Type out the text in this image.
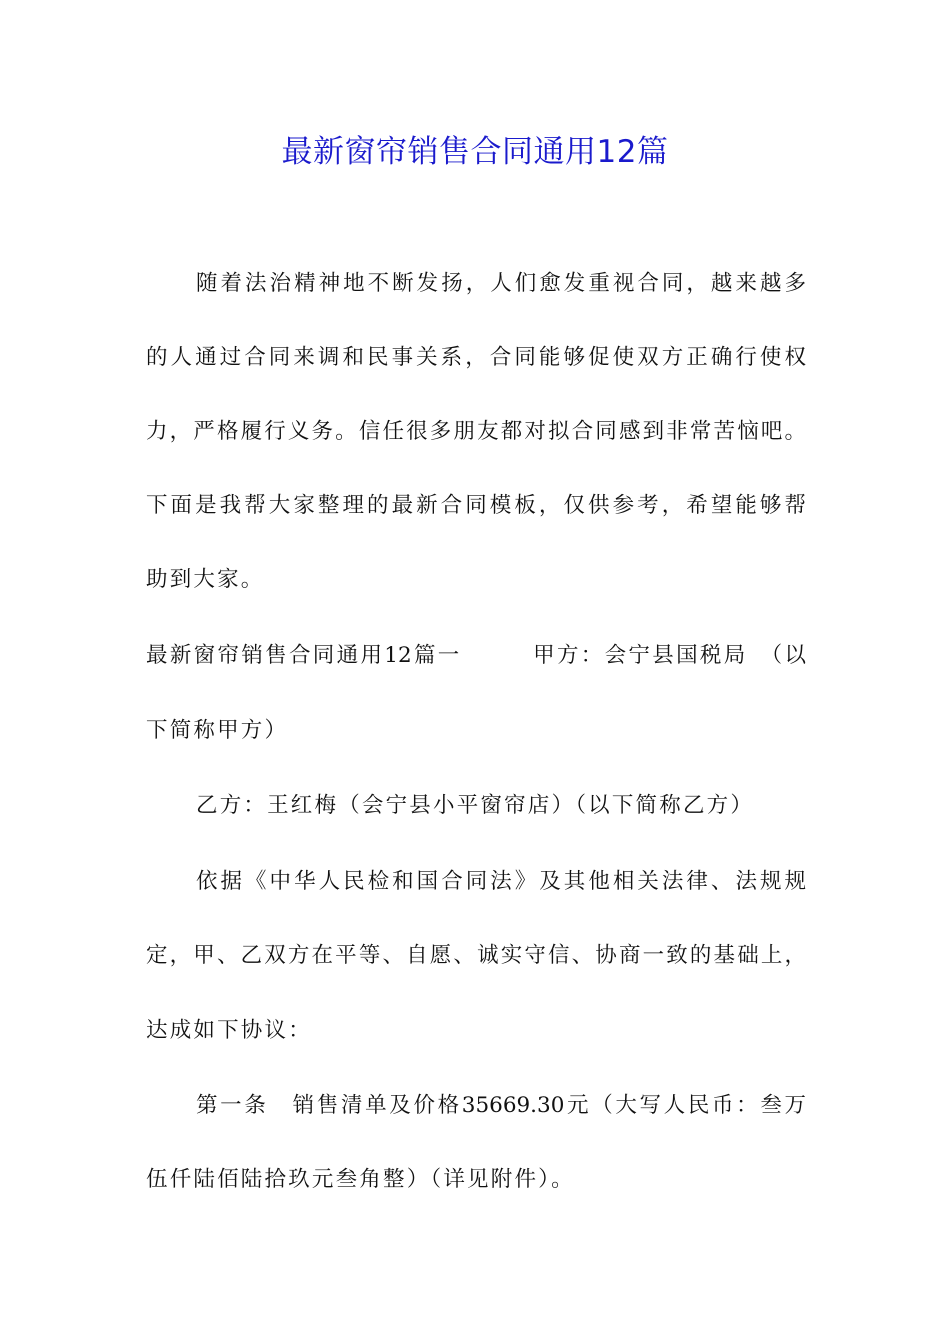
最新窗帘销售合同通用12篇
随着法治精神地不断发扬，人们愈发重视合同，越来越多
的人通过合同来调和民事关系，合同能够促使双方正确行使权
力，严格履行义务。信任很多朋友都对拟合同感到非常苦恼吧。
下面是我帮大家整理的最新合同模板，仅供参考，希望能够帮
助到大家。
最新窗帘销售合同通用12篇一　　　甲方：会宁县国税局　（以
下简称甲方）
乙方：王红梅（会宁县小平窗帘店）（以下简称乙方）
依据《中华人民检和国合同法》及其他相关法律、法规规
定，甲、乙双方在平等、自愿、诚实守信、协商一致的基础上，
达成如下协议：
第一条　销售清单及价格35669.30元（大写人民币：叁万
伍仟陆佰陆拾玖元叁角整）（详见附件）。
